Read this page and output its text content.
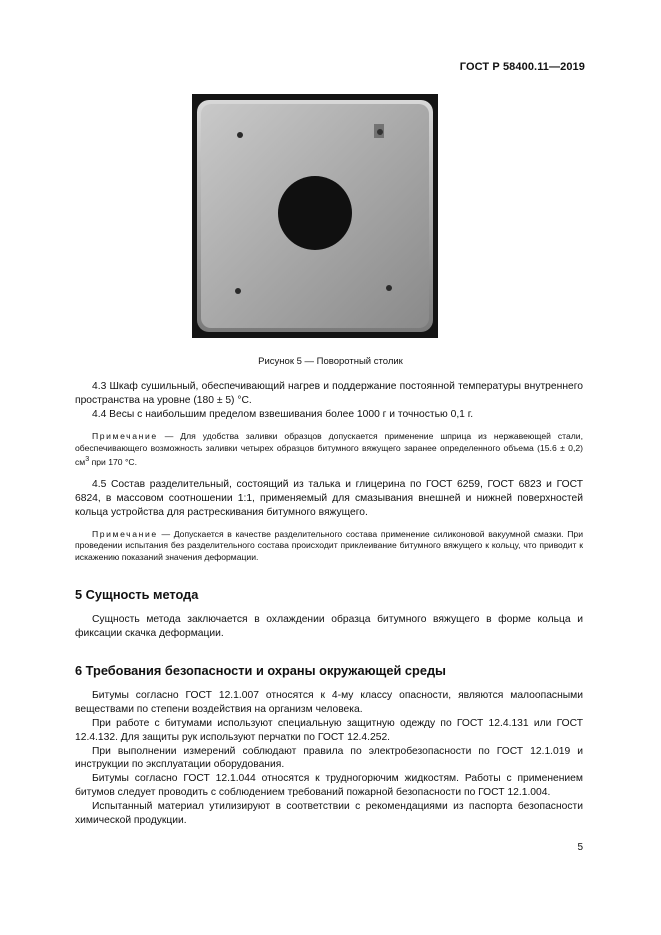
ГОСТ Р 58400.11—2019
Рисунок 5 — Поворотный столик

4.3 Шкаф сушильный, обеспечивающий нагрев и поддержание постоянной температуры внутреннего пространства на уровне (180 ± 5) °С.

4.4 Весы с наибольшим пределом взвешивания более 1000 г и точностью 0,1 г.

Примечание — Для удобства заливки образцов допускается применение шприца из нержавеющей стали, обеспечивающего возможность заливки четырех образцов битумного вяжущего заранее определенного объема (15.6 ± 0,2) $см^3$ при 170 °С.

4.5 Состав разделительный, состоящий из талька и глицерина по ГОСТ 6259, ГОСТ 6823 и ГОСТ 6824, в массовом соотношении 1:1, применяемый для смазывания внешней и нижней поверхностей кольца устройства для растрескивания битумного вяжущего.

Примечание — Допускается в качестве разделительного состава применение силиконовой вакуумной смазки. При проведении испытания без разделительного состава происходит приклеивание битумного вяжущего к кольцу, что приводит к искажению показаний значения деформации.

5 Сущность метода

Сущность метода заключается в охлаждении образца битумного вяжущего в форме кольца и фиксации скачка деформации.

6 Требования безопасности и охраны окружающей среды

Битумы согласно ГОСТ 12.1.007 относятся к 4-му классу опасности, являются малоопасными веществами по степени воздействия на организм человека.

При работе с битумами используют специальную защитную одежду по ГОСТ 12.4.131 или ГОСТ 12.4.132. Для защиты рук используют перчатки по ГОСТ 12.4.252.

При выполнении измерений соблюдают правила по электробезопасности по ГОСТ 12.1.019 и инструкции по эксплуатации оборудования.

Битумы согласно ГОСТ 12.1.044 относятся к трудногорючим жидкостям. Работы с применением битумов следует проводить с соблюдением требований пожарной безопасности по ГОСТ 12.1.004.

Испытанный материал утилизируют в соответствии с рекомендациями из паспорта безопасности химической продукции.

5
